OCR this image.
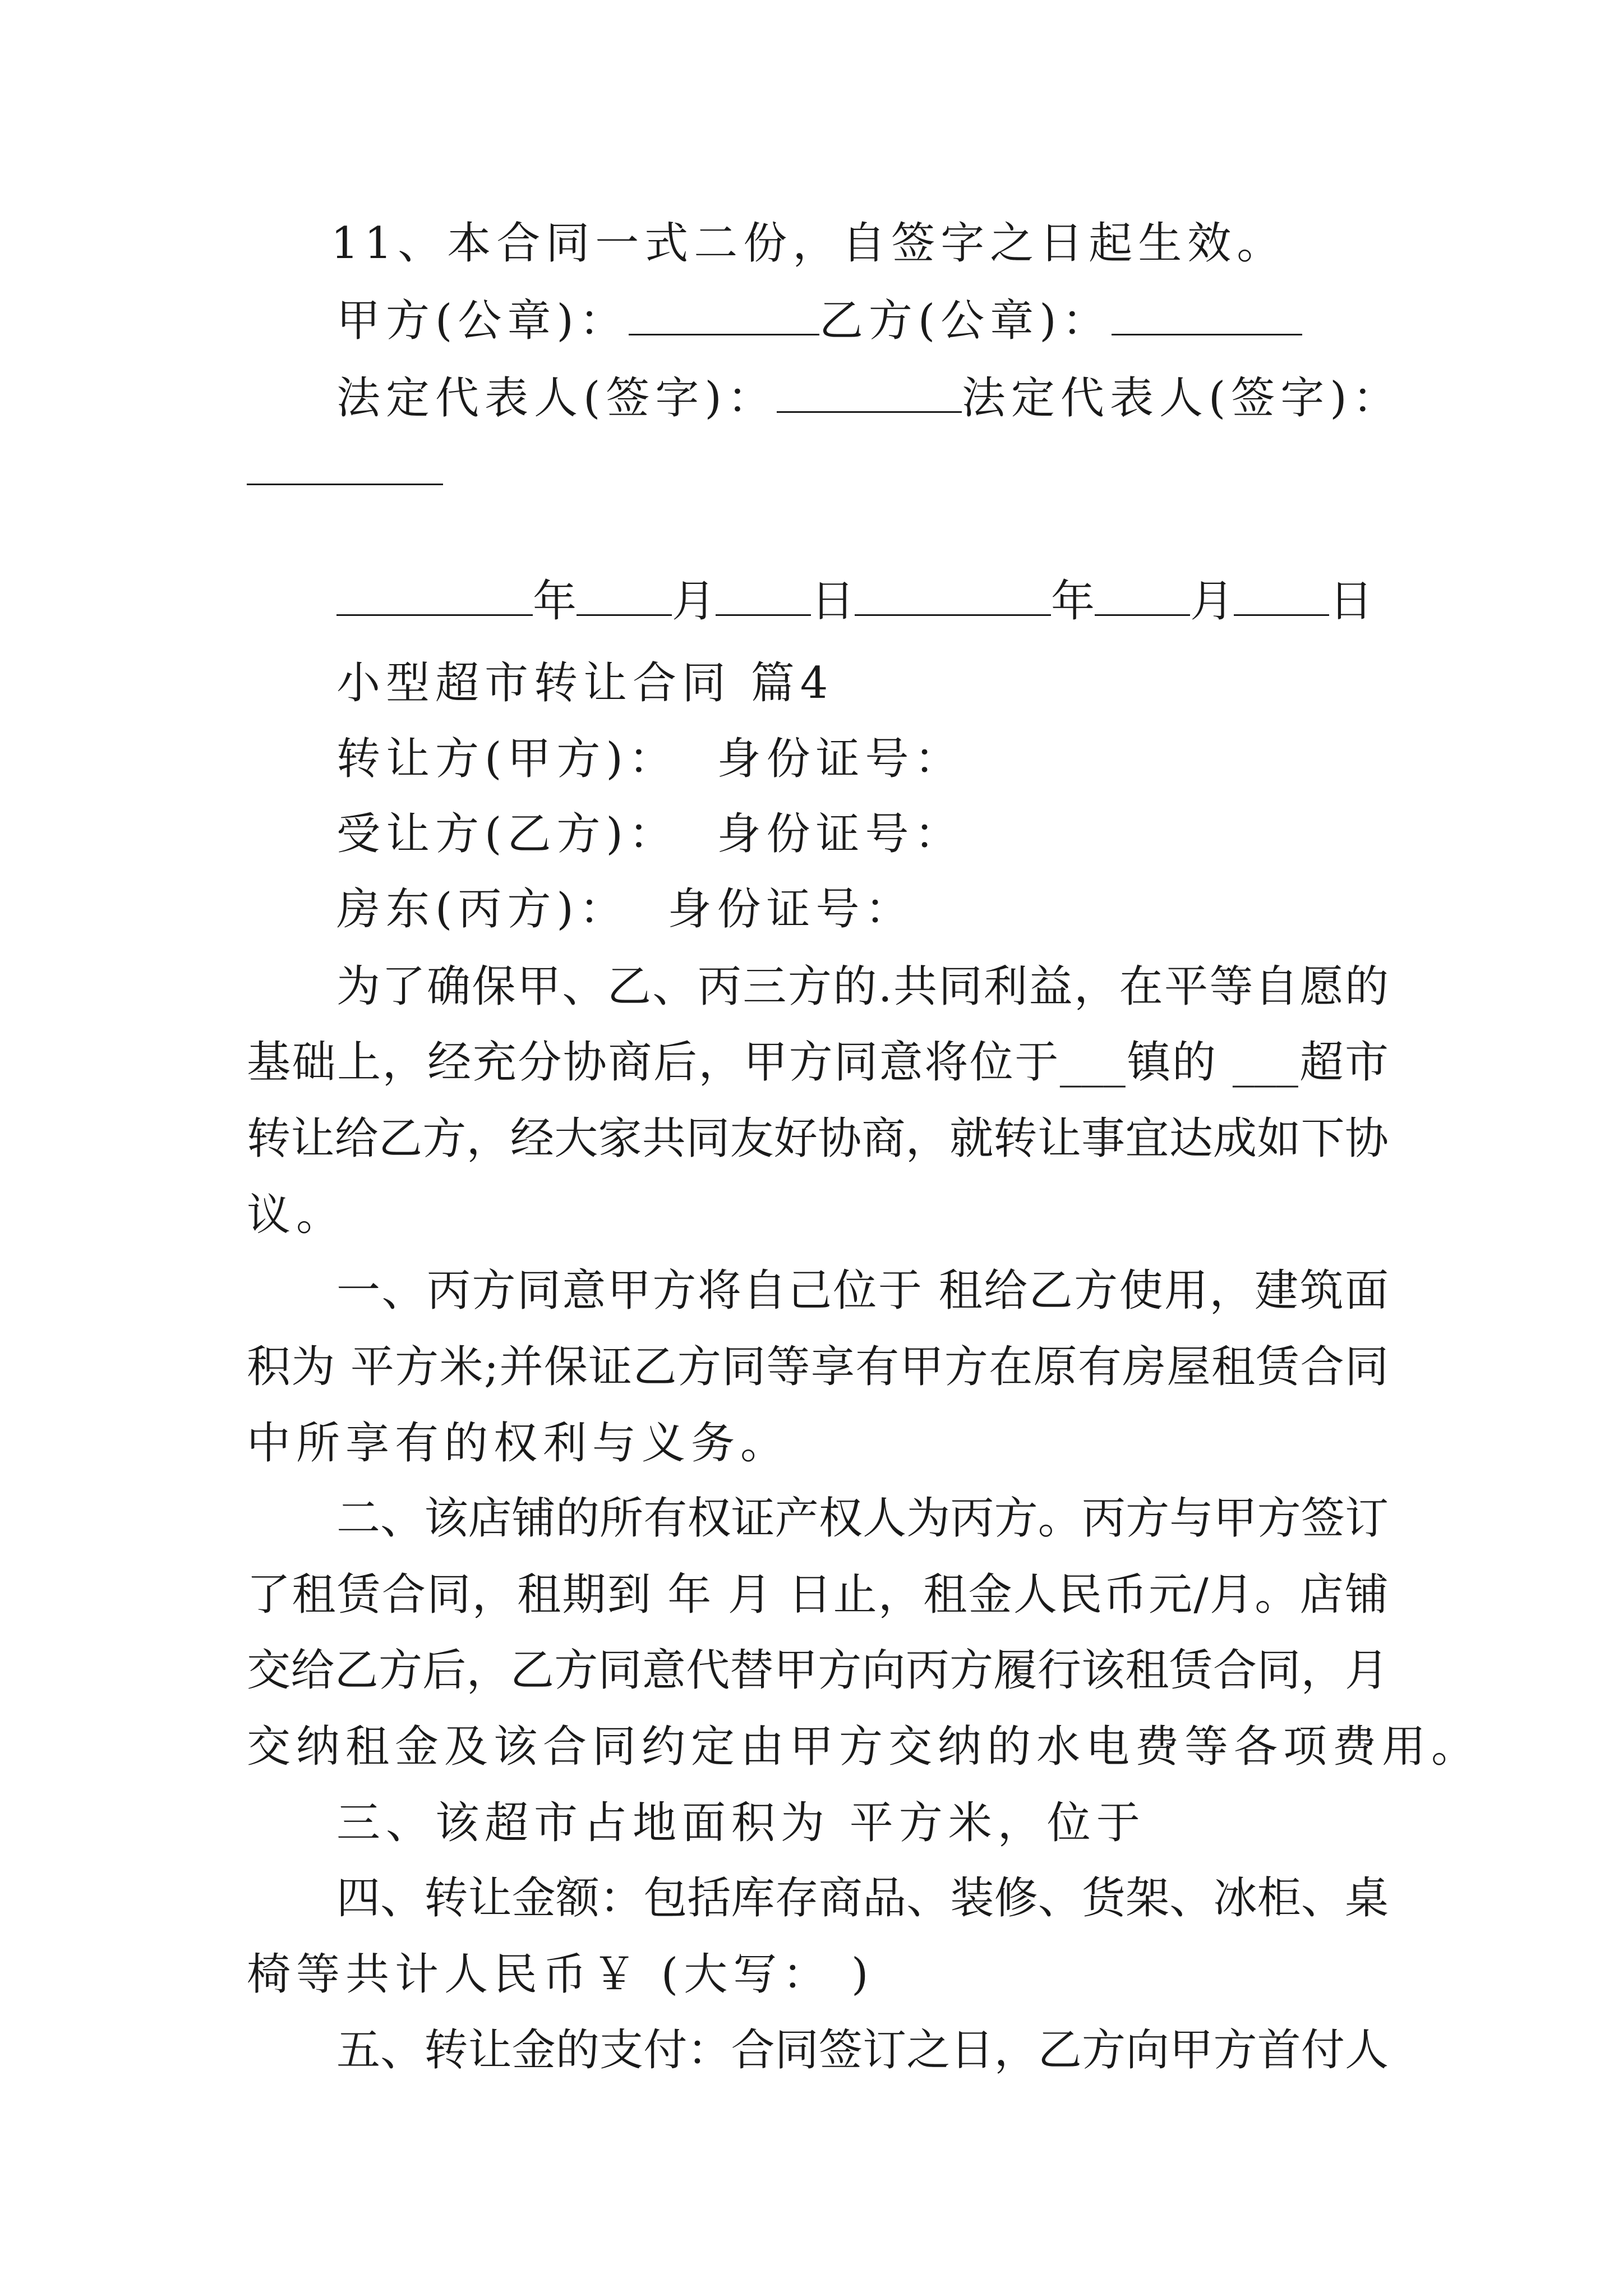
11、本合同一式二份，自签字之日起生效。
甲方(公章)：	乙方(公章)：
法定代表人(签字)：	法定代表人(签字)：
年 月 日	年 月 日
小型超市转让合同 篇4
转让方(甲方)：  身份证号：
受让方(乙方)：  身份证号：
房东(丙方)：  身份证号：
为了确保甲、乙、丙三方的.共同利益，在平等自愿的
基础上，经充分协商后，甲方同意将位于___镇的 ___超市
转让给乙方，经大家共同友好协商，就转让事宜达成如下协
议。
一、丙方同意甲方将自己位于 租给乙方使用，建筑面
积为 平方米;并保证乙方同等享有甲方在原有房屋租赁合同
中所享有的权利与义务。
二、该店铺的所有权证产权人为丙方。丙方与甲方签订
了租赁合同，租期到 年 月 日止，租金人民币元/月。店铺
交给乙方后，乙方同意代替甲方向丙方履行该租赁合同，月
交纳租金及该合同约定由甲方交纳的水电费等各项费用。
三、该超市占地面积为 平方米，位于
四、转让金额：包括库存商品、装修、货架、冰柜、桌
椅等共计人民币￥ (大写： )
五、转让金的支付：合同签订之日，乙方向甲方首付人
